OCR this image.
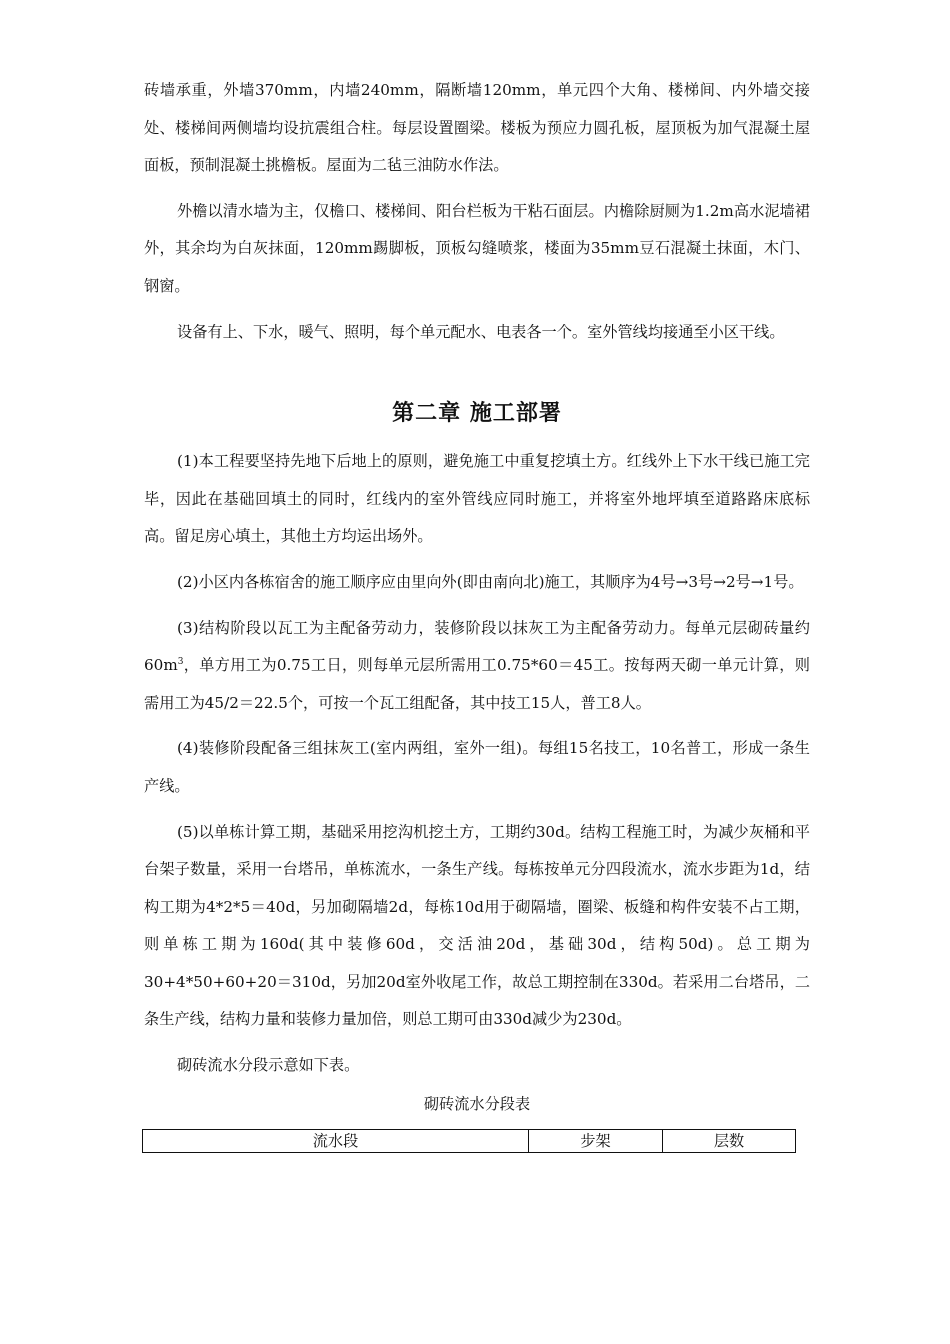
砖墙承重，外墙370mm，内墙240mm，隔断墙120mm，单元四个大角、楼梯间、内外墙交接处、楼梯间两侧墙均设抗震组合柱。每层设置圈梁。楼板为预应力圆孔板，屋顶板为加气混凝土屋面板，预制混凝土挑檐板。屋面为二毡三油防水作法。

外檐以清水墙为主，仅檐口、楼梯间、阳台栏板为干粘石面层。内檐除厨厕为1.2m高水泥墙裙外，其余均为白灰抹面，120mm踢脚板，顶板勾缝喷浆，楼面为35mm豆石混凝土抹面，木门、钢窗。

设备有上、下水，暖气、照明，每个单元配水、电表各一个。室外管线均接通至小区干线。

第二章 施工部署

(1)本工程要坚持先地下后地上的原则，避免施工中重复挖填土方。红线外上下水干线已施工完毕，因此在基础回填土的同时，红线内的室外管线应同时施工，并将室外地坪填至道路路床底标高。留足房心填土，其他土方均运出场外。

(2)小区内各栋宿舍的施工顺序应由里向外(即由南向北)施工，其顺序为4号→3号→2号→1号。

(3)结构阶段以瓦工为主配备劳动力，装修阶段以抹灰工为主配备劳动力。每单元层砌砖量约$60m^3$，单方用工为0.75工日，则每单元层所需用工0.75*60＝45工。按每两天砌一单元计算，则需用工为45/2＝22.5个，可按一个瓦工组配备，其中技工15人，普工8人。

(4)装修阶段配备三组抹灰工(室内两组，室外一组)。每组15名技工，10名普工，形成一条生产线。

(5)以单栋计算工期，基础采用挖沟机挖土方，工期约30d。结构工程施工时，为减少灰桶和平台架子数量，采用一台塔吊，单栋流水，一条生产线。每栋按单元分四段流水，流水步距为1d，结构工期为4*2*5＝40d，另加砌隔墙2d，每栋10d用于砌隔墙，圈梁、板缝和构件安装不占工期，则单栋工期为160d(其中装修60d，交活油20d，基础30d，结构50d)。总工期为30+4*50+60+20＝310d，另加20d室外收尾工作，故总工期控制在330d。若采用二台塔吊，二条生产线，结构力量和装修力量加倍，则总工期可由330d减少为230d。

砌砖流水分段示意如下表。

砌砖流水分段表
流水段	步架	层数
